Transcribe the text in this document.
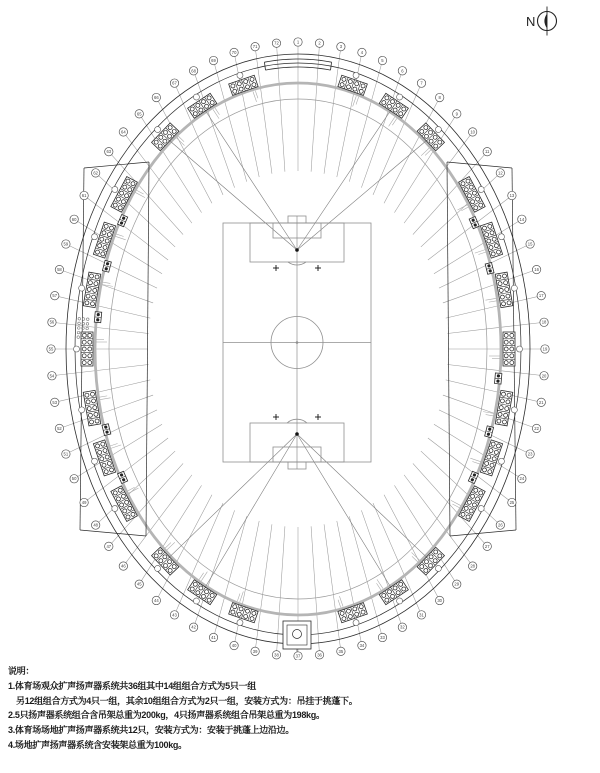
1	2
3
4
5
6
7
8
9
10
11
12
13
14
15
16
17
18
19
20
21
22
23
24
25
26
27
28
29
30
31
32
33
34
35
36
37
38
39
40
41
42
43
44
45
46
47
48
49
50
51
52
53
54
55
56
57
58
59
60
61
62
63
64
65
66
67
68
69
70
71
72
N
说明：
1.体育场观众扩声扬声器系统共36组其中14组组合方式为5只一组
另12组组合方式为4只一组，其余10组组合方式为2只一组，安装方式为：吊挂于挑蓬下。
2.5只扬声器系统组合含吊架总重为200kg，4只扬声器系统组合吊架总重为198kg。
3.体育场场地扩声扬声器系统共12只，安装方式为：安装于挑蓬上边沿边。
4.场地扩声扬声器系统含安装架总重为100kg。
